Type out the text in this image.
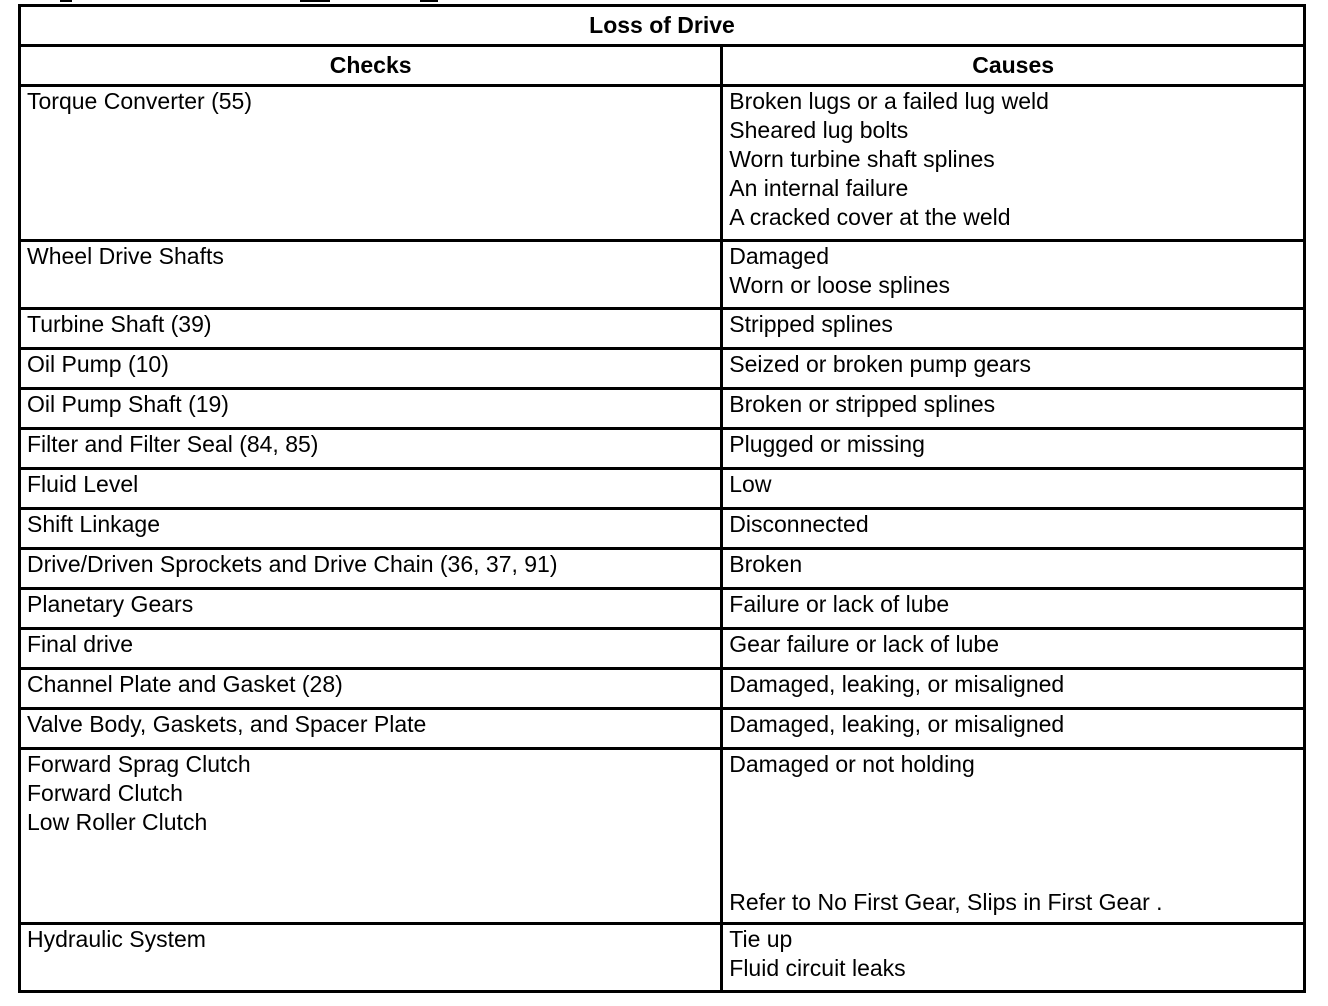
Loss of Drive	
Checks	Causes

Torque Converter (55)	Broken lugs or a failed lug weld
Sheared lug bolts
Worn turbine shaft splines
An internal failure
A cracked cover at the weld

Wheel Drive Shafts	Damaged
Worn or loose splines

Turbine Shaft (39)	Stripped splines

Oil Pump (10)	Seized or broken pump gears

Oil Pump Shaft (19)	Broken or stripped splines

Filter and Filter Seal (84, 85)	Plugged or missing

Fluid Level	Low

Shift Linkage	Disconnected

Drive/Driven Sprockets and Drive Chain (36, 37, 91)	Broken

Planetary Gears	Failure or lack of lube

Final drive	Gear failure or lack of lube

Channel Plate and Gasket (28)	Damaged, leaking, or misaligned

Valve Body, Gaskets, and Spacer Plate	Damaged, leaking, or misaligned

Forward Sprag Clutch
Forward Clutch
Low Roller Clutch	Damaged or not holding
Refer to No First Gear, Slips in First Gear .

Hydraulic System	Tie up
Fluid circuit leaks
